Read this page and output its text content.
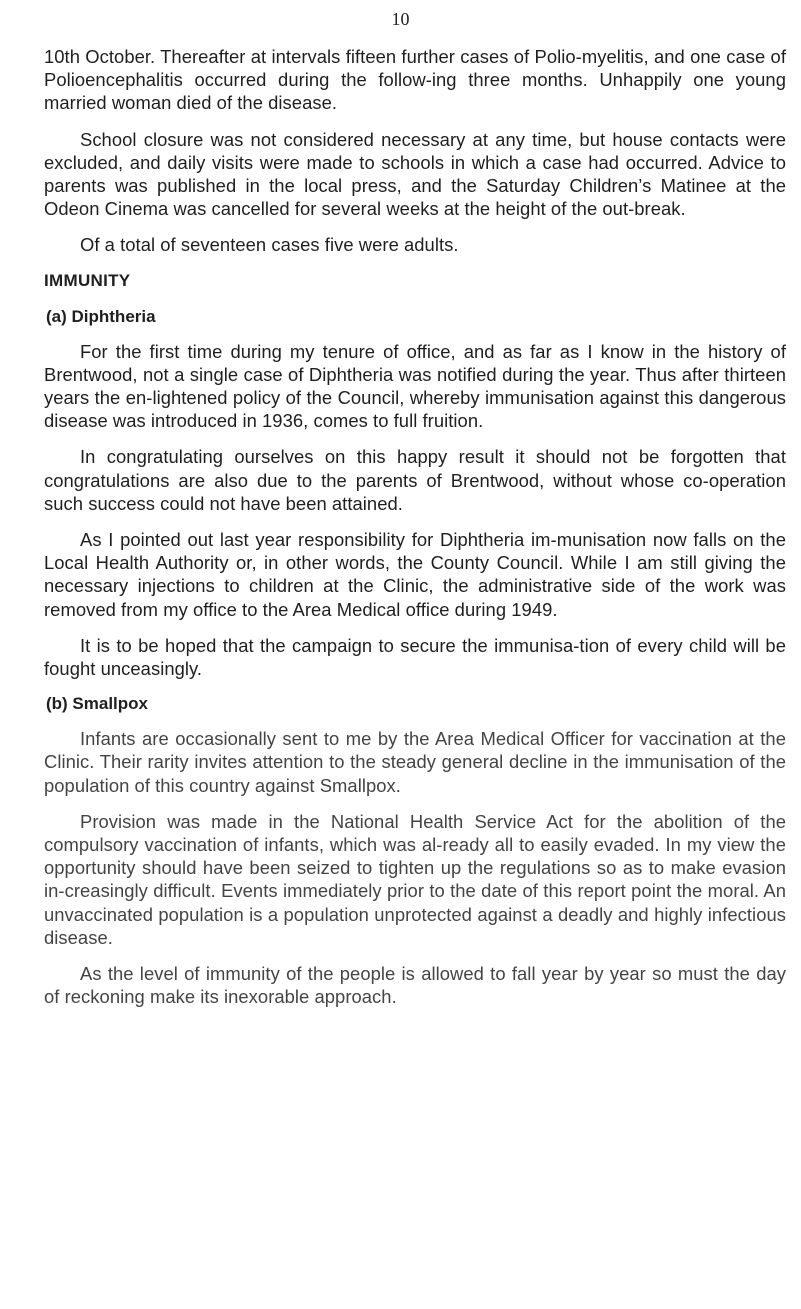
10

10th October. Thereafter at intervals fifteen further cases of Polio-myelitis, and one case of Polioencephalitis occurred during the follow-ing three months. Unhappily one young married woman died of the disease.

School closure was not considered necessary at any time, but house contacts were excluded, and daily visits were made to schools in which a case had occurred. Advice to parents was published in the local press, and the Saturday Children’s Matinee at the Odeon Cinema was cancelled for several weeks at the height of the out-break.

Of a total of seventeen cases five were adults.

IMMUNITY
(a) Diphtheria

For the first time during my tenure of office, and as far as I know in the history of Brentwood, not a single case of Diphtheria was notified during the year. Thus after thirteen years the en-lightened policy of the Council, whereby immunisation against this dangerous disease was introduced in 1936, comes to full fruition.

In congratulating ourselves on this happy result it should not be forgotten that congratulations are also due to the parents of Brentwood, without whose co-operation such success could not have been attained.

As I pointed out last year responsibility for Diphtheria im-munisation now falls on the Local Health Authority or, in other words, the County Council. While I am still giving the necessary injections to children at the Clinic, the administrative side of the work was removed from my office to the Area Medical office during 1949.

It is to be hoped that the campaign to secure the immunisa-tion of every child will be fought unceasingly.

(b) Smallpox

Infants are occasionally sent to me by the Area Medical Officer for vaccination at the Clinic. Their rarity invites attention to the steady general decline in the immunisation of the population of this country against Smallpox.

Provision was made in the National Health Service Act for the abolition of the compulsory vaccination of infants, which was al-ready all to easily evaded. In my view the opportunity should have been seized to tighten up the regulations so as to make evasion in-creasingly difficult. Events immediately prior to the date of this report point the moral. An unvaccinated population is a population unprotected against a deadly and highly infectious disease.

As the level of immunity of the people is allowed to fall year by year so must the day of reckoning make its inexorable approach.
